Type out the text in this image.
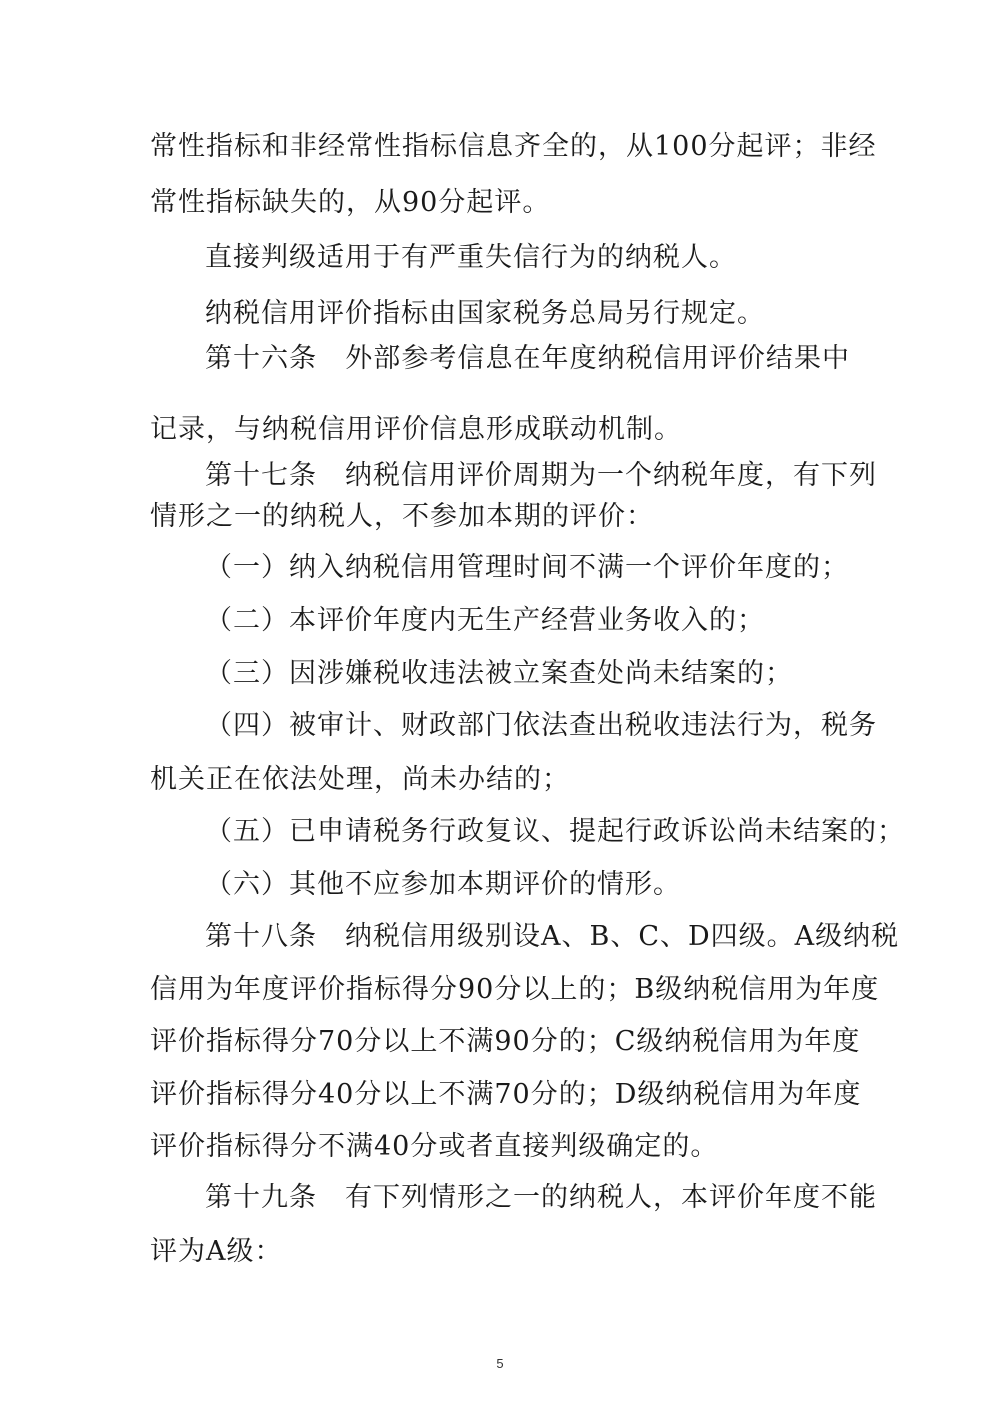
常性指标和非经常性指标信息齐全的，从100分起评；非经
常性指标缺失的，从90分起评。
直接判级适用于有严重失信行为的纳税人。
纳税信用评价指标由国家税务总局另行规定。
第十六条　外部参考信息在年度纳税信用评价结果中
记录，与纳税信用评价信息形成联动机制。
第十七条　纳税信用评价周期为一个纳税年度，有下列
情形之一的纳税人，不参加本期的评价：
（一）纳入纳税信用管理时间不满一个评价年度的；
（二）本评价年度内无生产经营业务收入的；
（三）因涉嫌税收违法被立案查处尚未结案的；
（四）被审计、财政部门依法查出税收违法行为，税务
机关正在依法处理，尚未办结的；
（五）已申请税务行政复议、提起行政诉讼尚未结案的；
（六）其他不应参加本期评价的情形。
第十八条　纳税信用级别设A、B、C、D四级。A级纳税
信用为年度评价指标得分90分以上的；B级纳税信用为年度
评价指标得分70分以上不满90分的；C级纳税信用为年度
评价指标得分40分以上不满70分的；D级纳税信用为年度
评价指标得分不满40分或者直接判级确定的。
第十九条　有下列情形之一的纳税人，本评价年度不能
评为A级：
5
